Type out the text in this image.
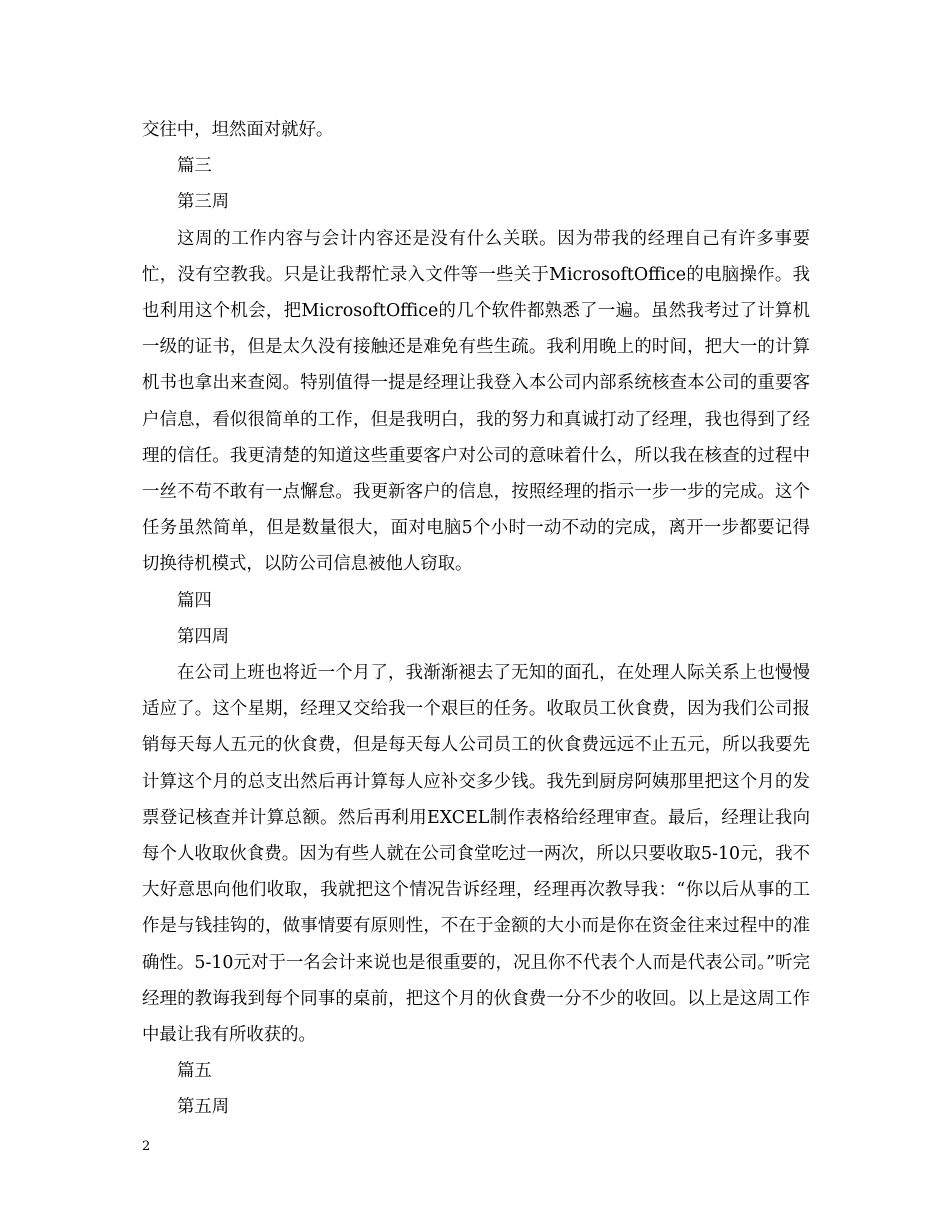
交往中，坦然面对就好。

篇三

第三周

这周的工作内容与会计内容还是没有什么关联。因为带我的经理自己有许多事要忙，没有空教我。只是让我帮忙录入文件等一些关于MicrosoftOffice的电脑操作。我也利用这个机会，把MicrosoftOffice的几个软件都熟悉了一遍。虽然我考过了计算机一级的证书，但是太久没有接触还是难免有些生疏。我利用晚上的时间，把大一的计算机书也拿出来查阅。特别值得一提是经理让我登入本公司内部系统核查本公司的重要客户信息，看似很简单的工作，但是我明白，我的努力和真诚打动了经理，我也得到了经理的信任。我更清楚的知道这些重要客户对公司的意味着什么，所以我在核查的过程中一丝不苟不敢有一点懈怠。我更新客户的信息，按照经理的指示一步一步的完成。这个任务虽然简单，但是数量很大，面对电脑5个小时一动不动的完成，离开一步都要记得切换待机模式，以防公司信息被他人窃取。

篇四

第四周

在公司上班也将近一个月了，我渐渐褪去了无知的面孔，在处理人际关系上也慢慢适应了。这个星期，经理又交给我一个艰巨的任务。收取员工伙食费，因为我们公司报销每天每人五元的伙食费，但是每天每人公司员工的伙食费远远不止五元，所以我要先计算这个月的总支出然后再计算每人应补交多少钱。我先到厨房阿姨那里把这个月的发票登记核查并计算总额。然后再利用EXCEL制作表格给经理审查。最后，经理让我向每个人收取伙食费。因为有些人就在公司食堂吃过一两次，所以只要收取5-10元，我不大好意思向他们收取，我就把这个情况告诉经理，经理再次教导我：“你以后从事的工作是与钱挂钩的，做事情要有原则性，不在于金额的大小而是你在资金往来过程中的准确性。5-10元对于一名会计来说也是很重要的，况且你不代表个人而是代表公司。”听完经理的教诲我到每个同事的桌前，把这个月的伙食费一分不少的收回。以上是这周工作中最让我有所收获的。

篇五

第五周

2
